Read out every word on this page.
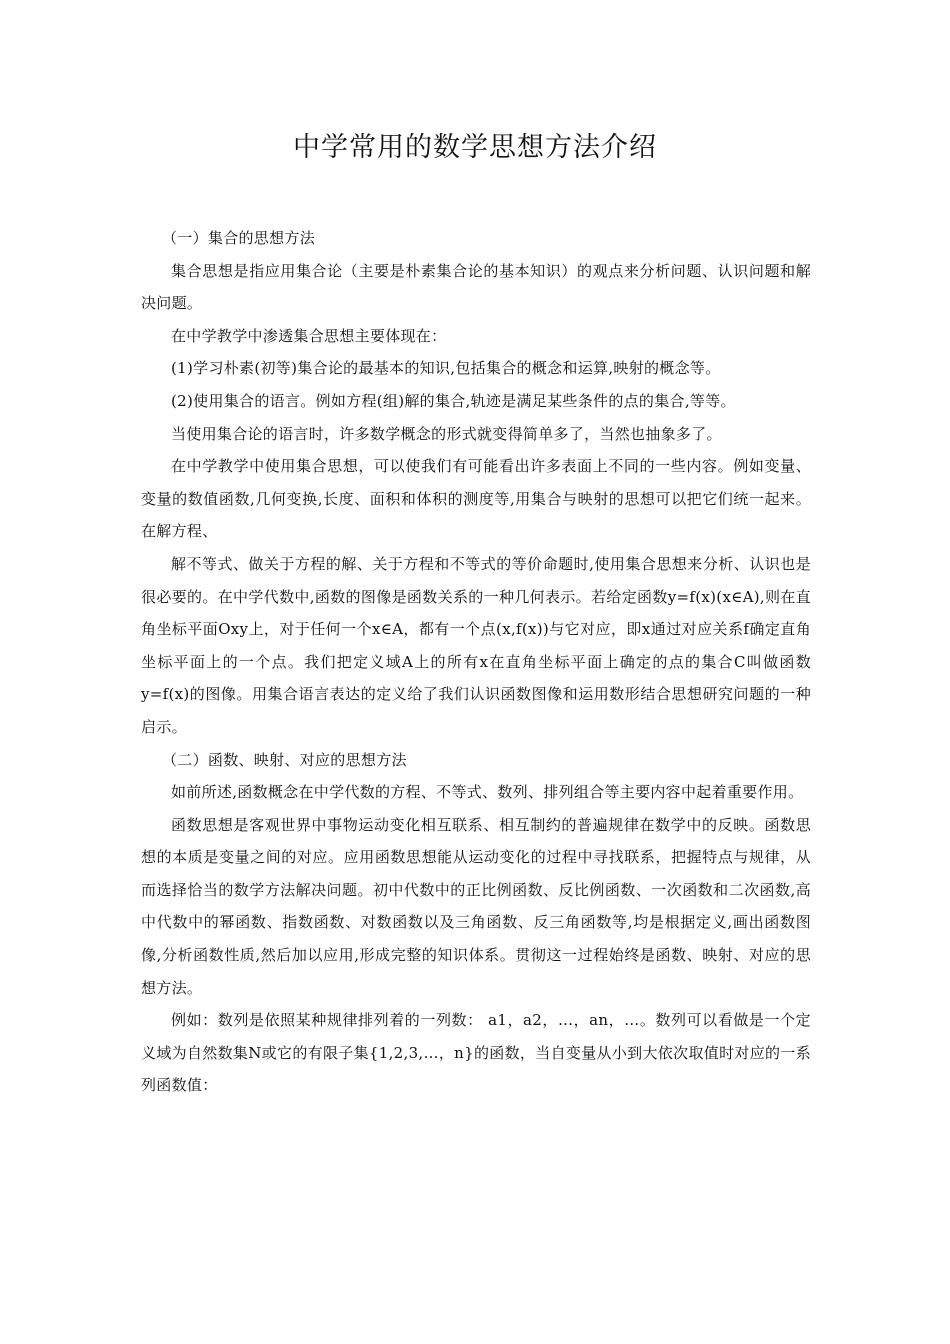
中学常用的数学思想方法介绍

（一）集合的思想方法

集合思想是指应用集合论（主要是朴素集合论的基本知识）的观点来分析问题、认识问题和解决问题。

在中学教学中渗透集合思想主要体现在：

(1)学习朴素(初等)集合论的最基本的知识,包括集合的概念和运算,映射的概念等。

(2)使用集合的语言。例如方程(组)解的集合,轨迹是满足某些条件的点的集合,等等。

当使用集合论的语言时，许多数学概念的形式就变得简单多了，当然也抽象多了。

在中学教学中使用集合思想，可以使我们有可能看出许多表面上不同的一些内容。例如变量、变量的数值函数,几何变换,长度、面积和体积的测度等,用集合与映射的思想可以把它们统一起来。在解方程、

解不等式、做关于方程的解、关于方程和不等式的等价命题时,使用集合思想来分析、认识也是很必要的。在中学代数中,函数的图像是函数关系的一种几何表示。若给定函数y=f(x)(x∈A),则在直角坐标平面Oxy上，对于任何一个x∈A，都有一个点(x,f(x))与它对应，即x通过对应关系f确定直角坐标平面上的一个点。我们把定义域A上的所有x在直角坐标平面上确定的点的集合C叫做函数y=f(x)的图像。用集合语言表达的定义给了我们认识函数图像和运用数形结合思想研究问题的一种启示。

（二）函数、映射、对应的思想方法

如前所述,函数概念在中学代数的方程、不等式、数列、排列组合等主要内容中起着重要作用。

函数思想是客观世界中事物运动变化相互联系、相互制约的普遍规律在数学中的反映。函数思想的本质是变量之间的对应。应用函数思想能从运动变化的过程中寻找联系，把握特点与规律，从而选择恰当的数学方法解决问题。初中代数中的正比例函数、反比例函数、一次函数和二次函数,高中代数中的幂函数、指数函数、对数函数以及三角函数、反三角函数等,均是根据定义,画出函数图像,分析函数性质,然后加以应用,形成完整的知识体系。贯彻这一过程始终是函数、映射、对应的思想方法。

例如：数列是依照某种规律排列着的一列数： a1，a2，…，an，…。数列可以看做是一个定义域为自然数集N或它的有限子集{1,2,3,…，n}的函数，当自变量从小到大依次取值时对应的一系列函数值：
